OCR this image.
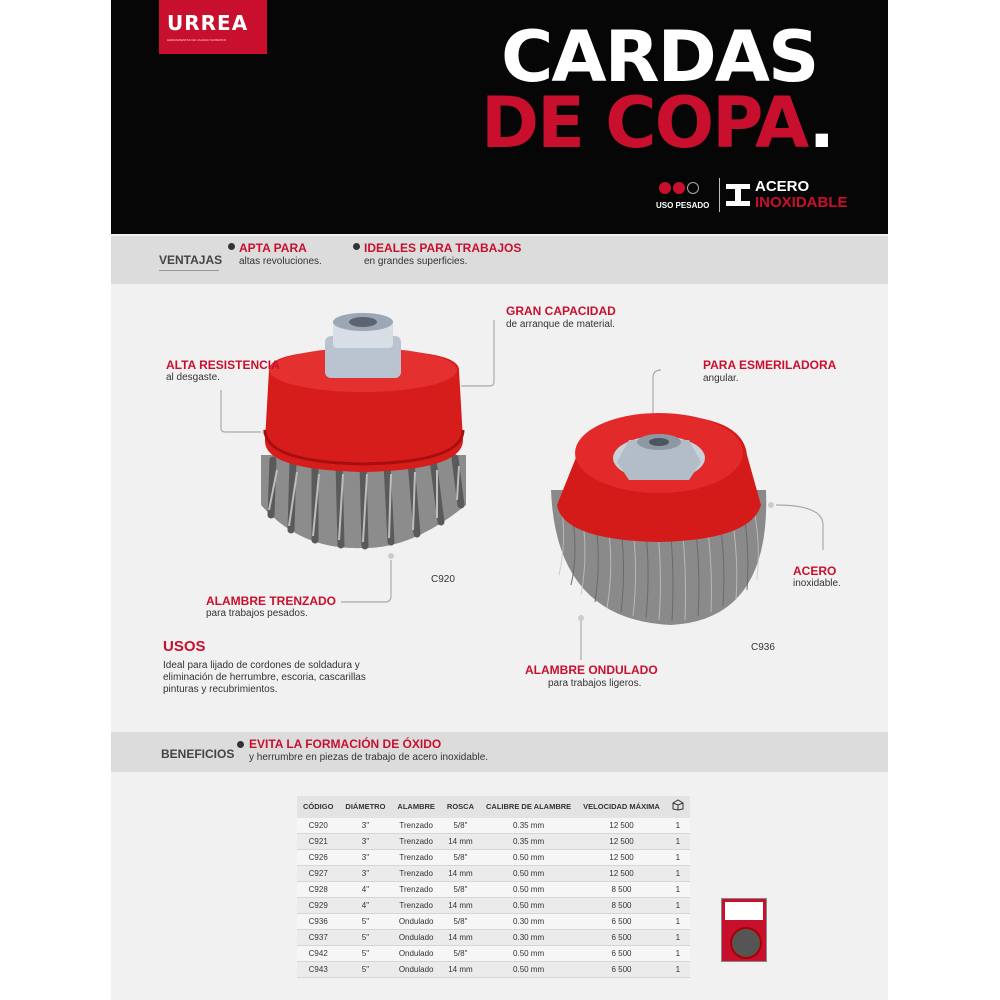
URREA
HERRAMIENTAS DE CALIDAD SUPERIOR	CARDAS
DE COPA.
USO PESADO
ACERO
INOXIDABLE
VENTAJAS
APTA PARA
altas revoluciones.
IDEALES PARA TRABAJOS
en grandes superficies.
GRAN CAPACIDAD
de arranque de material.
ALTA RESISTENCIA
al desgaste.
PARA ESMERILADORA
angular.
ACERO
inoxidable.
C920
C936
ALAMBRE TRENZADO
para trabajos pesados.
ALAMBRE ONDULADO
para trabajos ligeros.
USOS
Ideal para lijado de cordones de soldadura y eliminación de herrumbre, escoria, cascarillas pinturas y recubrimientos.
BENEFICIOS
EVITA LA FORMACIÓN DE ÓXIDO
y herrumbre en piezas de trabajo de acero inoxidable.
CÓDIGO	DIÁMETRO	ALAMBRE	ROSCA	CALIBRE DE ALAMBRE	VELOCIDAD MÁXIMA	
C920	3"	Trenzado	5/8"	0.35 mm	12 500	1
C921	3"	Trenzado	14 mm	0.35 mm	12 500	1
C926	3"	Trenzado	5/8"	0.50 mm	12 500	1
C927	3"	Trenzado	14 mm	0.50 mm	12 500	1
C928	4"	Trenzado	5/8"	0.50 mm	8 500	1
C929	4"	Trenzado	14 mm	0.50 mm	8 500	1
C936	5"	Ondulado	5/8"	0.30 mm	6 500	1
C937	5"	Ondulado	14 mm	0.30 mm	6 500	1
C942	5"	Ondulado	5/8"	0.50 mm	6 500	1
C943	5"	Ondulado	14 mm	0.50 mm	6 500	1
